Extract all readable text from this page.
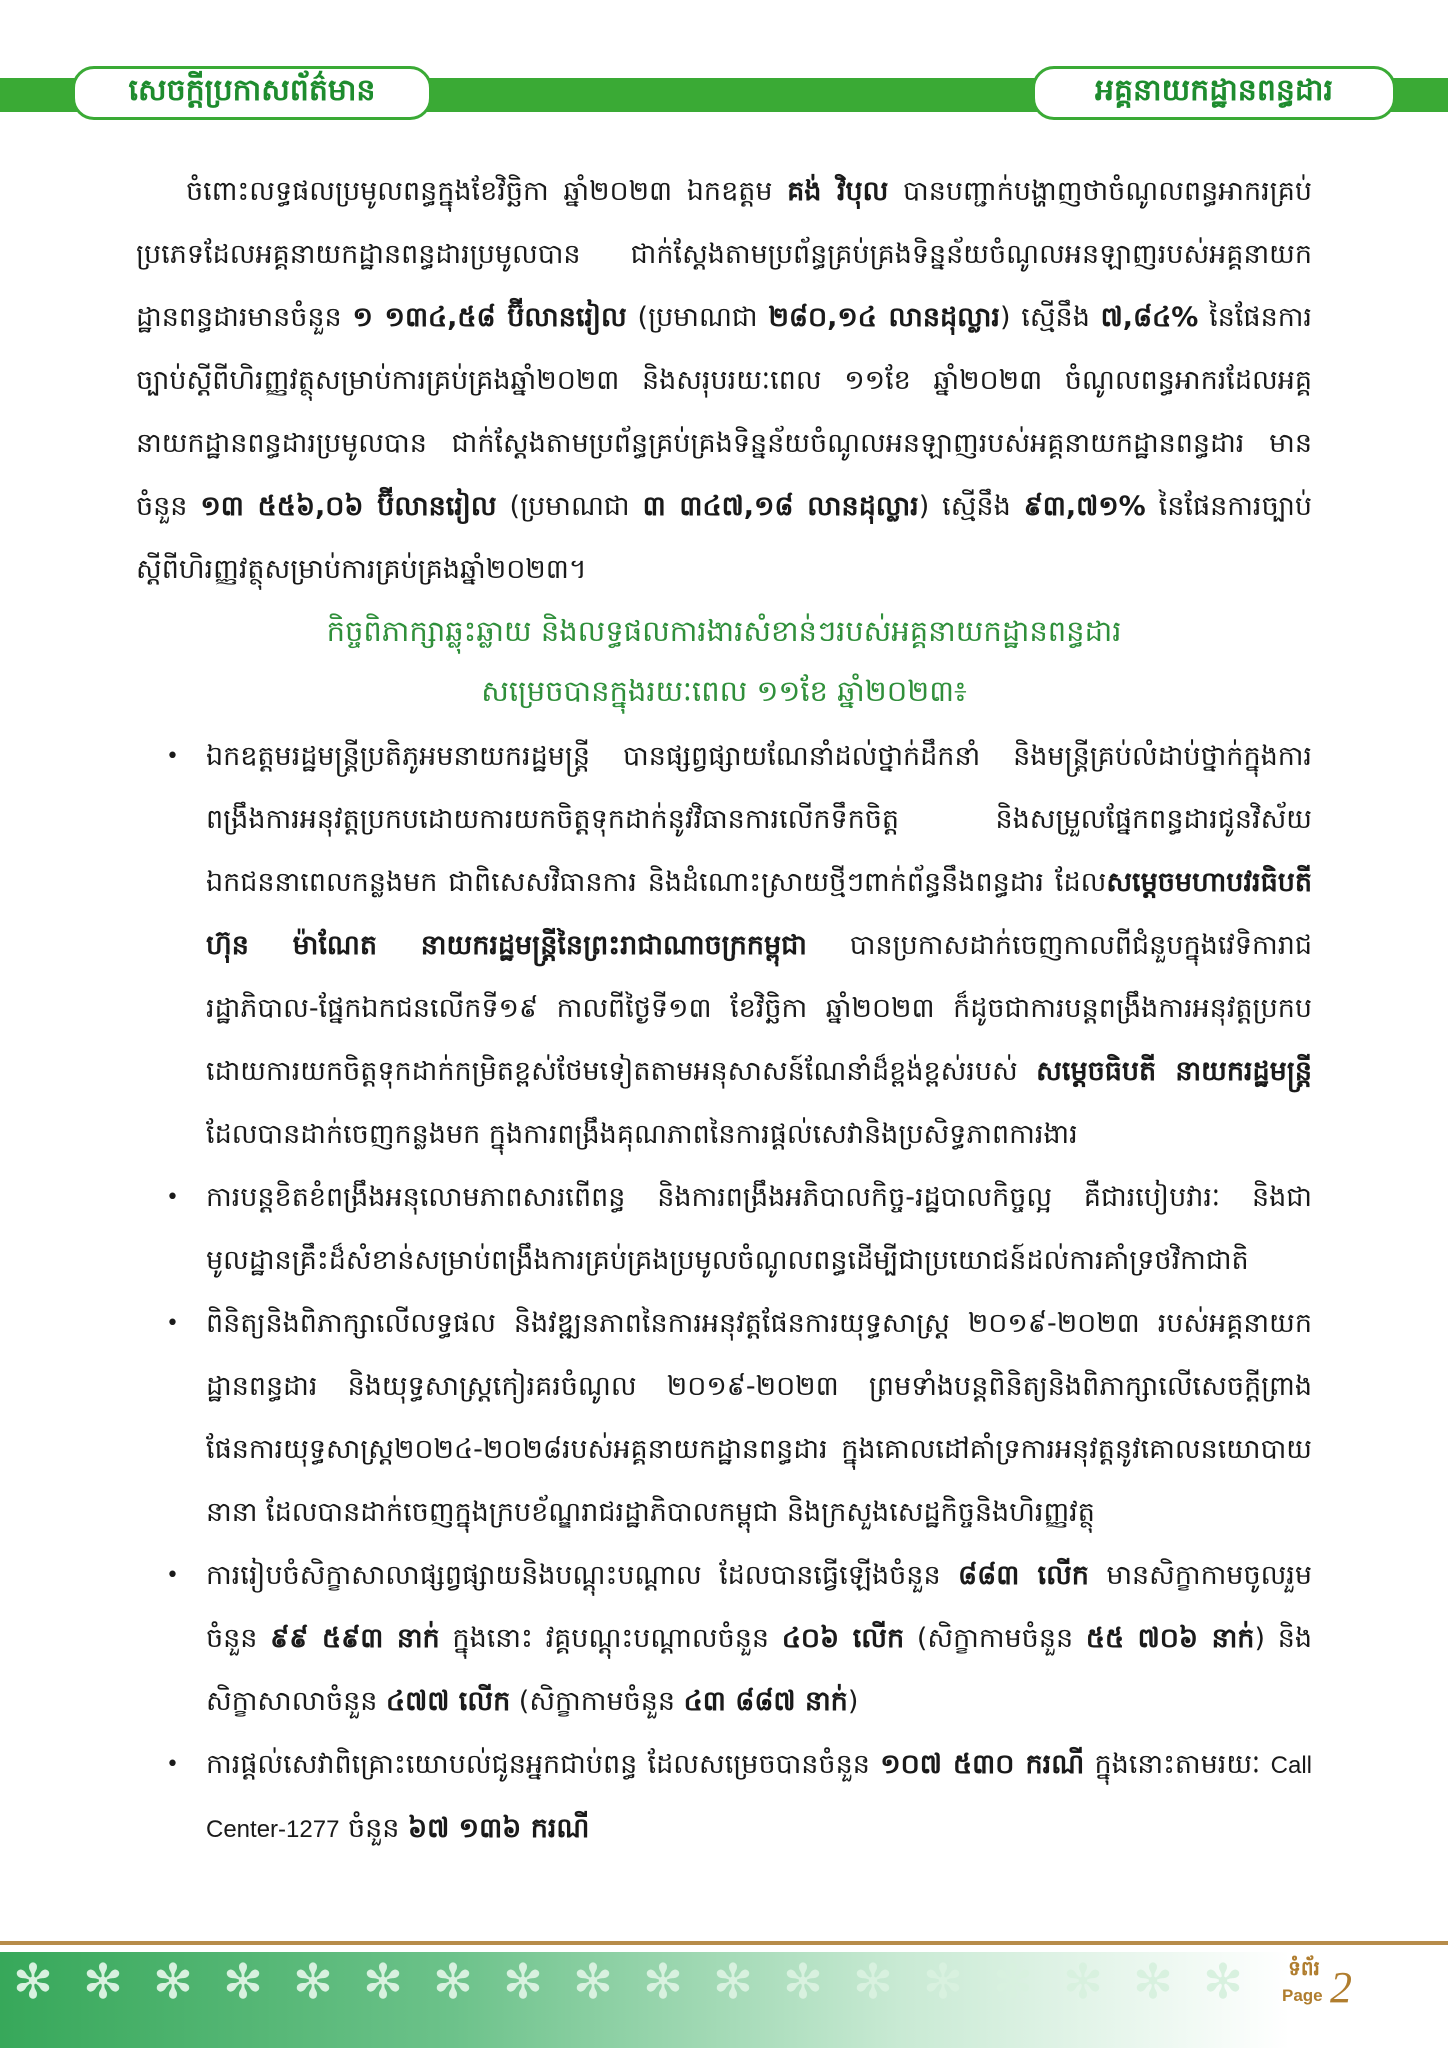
សេចក្តីប្រកាសព័ត៌មាន	អគ្គនាយកដ្ឋានពន្ធដារ

ចំពោះលទ្ធផលប្រមូលពន្ធក្នុងខែវិច្ឆិកា ឆ្នាំ២០២៣ ឯកឧត្តម គង់ វិបុល បានបញ្ជាក់បង្ហាញថាចំណូលពន្ធអាករគ្រប់ប្រភេទដែលអគ្គនាយកដ្ឋានពន្ធដារប្រមូលបាន ជាក់ស្តែងតាមប្រព័ន្ធគ្រប់គ្រងទិន្នន័យចំណូលអនឡាញរបស់អគ្គនាយកដ្ឋានពន្ធដារមានចំនួន ១ ១៣៤,៥៨ ប៊ីលានរៀល (ប្រមាណជា ២៨០,១៤ លានដុល្លារ) ស្មើនឹង ៧,៨៤% នៃផែនការច្បាប់ស្តីពីហិរញ្ញវត្ថុសម្រាប់ការគ្រប់គ្រងឆ្នាំ២០២៣ និងសរុបរយៈពេល ១១ខែ ឆ្នាំ២០២៣ ចំណូលពន្ធអាករដែលអគ្គនាយកដ្ឋានពន្ធដារប្រមូលបាន ជាក់ស្តែងតាមប្រព័ន្ធគ្រប់គ្រងទិន្នន័យចំណូលអនឡាញរបស់អគ្គនាយកដ្ឋានពន្ធដារ មានចំនួន ១៣ ៥៥៦,០៦ ប៊ីលានរៀល (ប្រមាណជា ៣ ៣៤៧,១៨ លានដុល្លារ) ស្មើនឹង ៩៣,៧១% នៃផែនការច្បាប់ស្តីពីហិរញ្ញវត្ថុសម្រាប់ការគ្រប់គ្រងឆ្នាំ២០២៣។

កិច្ចពិភាក្សាឆ្លុះឆ្លាយ និងលទ្ធផលការងារសំខាន់ៗរបស់អគ្គនាយកដ្ឋានពន្ធដារ

សម្រេចបានក្នុងរយៈពេល ១១ខែ ឆ្នាំ២០២៣៖

• ឯកឧត្តមរដ្ឋមន្ត្រីប្រតិភូអមនាយករដ្ឋមន្ត្រី បានផ្សព្វផ្សាយណែនាំដល់ថ្នាក់ដឹកនាំ និងមន្ត្រីគ្រប់លំដាប់ថ្នាក់ក្នុងការពង្រឹងការអនុវត្តប្រកបដោយការយកចិត្តទុកដាក់នូវវិធានការលើកទឹកចិត្ត និងសម្រួលផ្នែកពន្ធដារជូនវិស័យឯកជននាពេលកន្លងមក ជាពិសេសវិធានការ និងដំណោះស្រាយថ្មីៗពាក់ព័ន្ធនឹងពន្ធដារ ដែលសម្តេចមហាបវរធិបតី ហ៊ុន ម៉ាណែត នាយករដ្ឋមន្ត្រីនៃព្រះរាជាណាចក្រកម្ពុជា បានប្រកាសដាក់ចេញកាលពីជំនួបក្នុងវេទិការាជរដ្ឋាភិបាល-ផ្នែកឯកជនលើកទី១៩ កាលពីថ្ងៃទី១៣ ខែវិច្ឆិកា ឆ្នាំ២០២៣ ក៏ដូចជាការបន្តពង្រឹងការអនុវត្តប្រកបដោយការយកចិត្តទុកដាក់កម្រិតខ្ពស់ថែមទៀតតាមអនុសាសន៍ណែនាំដ៏ខ្ពង់ខ្ពស់របស់ សម្តេចធិបតី នាយករដ្ឋមន្ត្រី ដែលបានដាក់ចេញកន្លងមក ក្នុងការពង្រឹងគុណភាពនៃការផ្តល់សេវានិងប្រសិទ្ធភាពការងារ
• ការបន្តខិតខំពង្រឹងអនុលោមភាពសារពើពន្ធ និងការពង្រឹងអភិបាលកិច្ច-រដ្ឋបាលកិច្ចល្អ គឺជារបៀបវារៈ និងជាមូលដ្ឋានគ្រឹះដ៏សំខាន់សម្រាប់ពង្រឹងការគ្រប់គ្រងប្រមូលចំណូលពន្ធដើម្បីជាប្រយោជន៍ដល់ការគាំទ្រថវិកាជាតិ
• ពិនិត្យនិងពិភាក្សាលើលទ្ធផល និងវឌ្ឍនភាពនៃការអនុវត្តផែនការយុទ្ធសាស្ត្រ ២០១៩-២០២៣ របស់អគ្គនាយកដ្ឋានពន្ធដារ និងយុទ្ធសាស្ត្រកៀរគរចំណូល ២០១៩-២០២៣ ព្រមទាំងបន្តពិនិត្យនិងពិភាក្សាលើសេចក្តីព្រាងផែនការយុទ្ធសាស្ត្រ២០២៤-២០២៨របស់អគ្គនាយកដ្ឋានពន្ធដារ ក្នុងគោលដៅគាំទ្រការអនុវត្តនូវគោលនយោបាយនានា ដែលបានដាក់ចេញក្នុងក្របខ័ណ្ឌរាជរដ្ឋាភិបាលកម្ពុជា និងក្រសួងសេដ្ឋកិច្ចនិងហិរញ្ញវត្ថុ
• ការរៀបចំសិក្ខាសាលាផ្សព្វផ្សាយនិងបណ្តុះបណ្តាល ដែលបានធ្វើឡើងចំនួន ៨៨៣ លើក មានសិក្ខាកាមចូលរួមចំនួន ៩៩ ៥៩៣ នាក់ ក្នុងនោះ វគ្គបណ្តុះបណ្តាលចំនួន ៤០៦ លើក (សិក្ខាកាមចំនួន ៥៥ ៧០៦ នាក់) និងសិក្ខាសាលាចំនួន ៤៧៧ លើក (សិក្ខាកាមចំនួន ៤៣ ៨៨៧ នាក់)
• ការផ្តល់សេវាពិគ្រោះយោបល់ជូនអ្នកជាប់ពន្ធ ដែលសម្រេចបានចំនួន ១០៧ ៥៣០ ករណី ក្នុងនោះតាមរយៈ Call Center-1277 ចំនួន ៦៧ ១៣៦ ករណី
✻ ✻ ✻ ✻ ✻ ✻ ✻ ✻ ✻ ✻ ✻ ✻ ✻ ✻ ✻ ✻ ✻ ✻	ទំព័រ
Page 2
